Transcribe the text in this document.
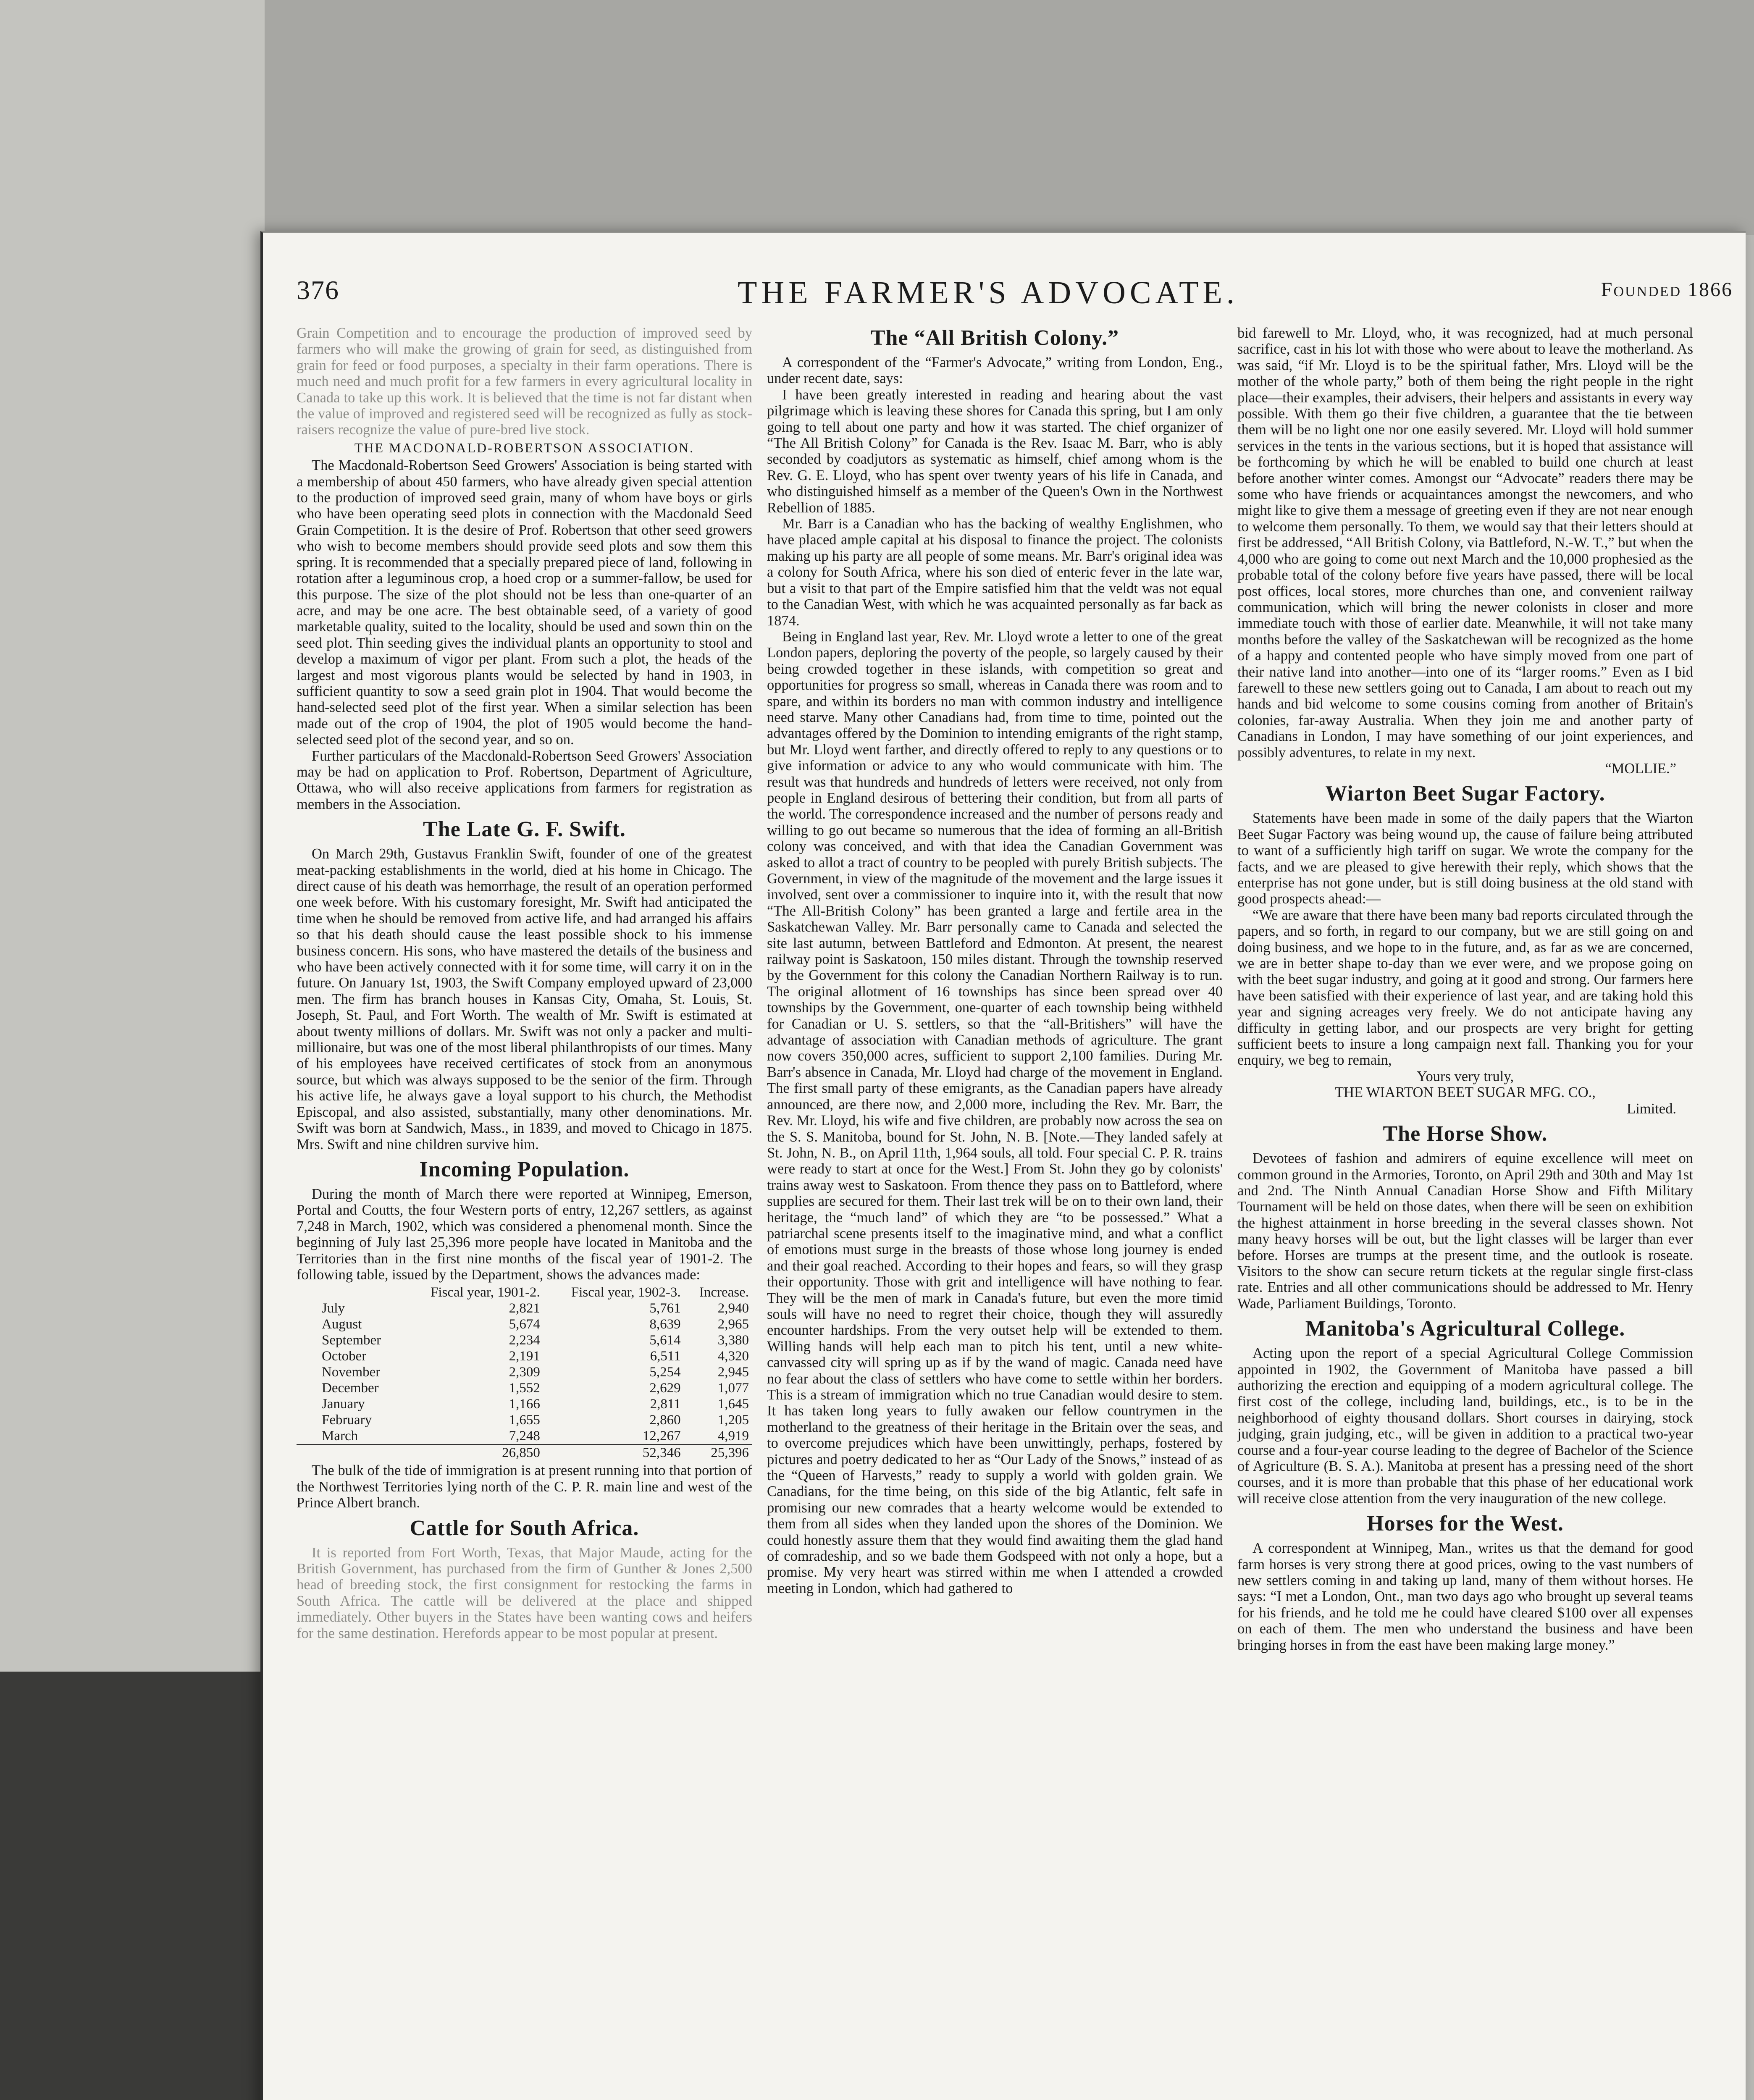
376	THE FARMER'S ADVOCATE.	Founded 1866

Grain Competition and to encourage the production of improved seed by farmers who will make the growing of grain for seed, as distinguished from grain for feed or food purposes, a specialty in their farm operations. There is much need and much profit for a few farmers in every agricultural locality in Canada to take up this work. It is believed that the time is not far distant when the value of improved and registered seed will be recognized as fully as stock-raisers recognize the value of pure-bred live stock.

THE MACDONALD-ROBERTSON ASSOCIATION.

The Macdonald-Robertson Seed Growers' Association is being started with a membership of about 450 farmers, who have already given special attention to the production of improved seed grain, many of whom have boys or girls who have been operating seed plots in connection with the Macdonald Seed Grain Competition. It is the desire of Prof. Robertson that other seed growers who wish to become members should provide seed plots and sow them this spring. It is recommended that a specially prepared piece of land, following in rotation after a leguminous crop, a hoed crop or a summer-fallow, be used for this purpose. The size of the plot should not be less than one-quarter of an acre, and may be one acre. The best obtainable seed, of a variety of good marketable quality, suited to the locality, should be used and sown thin on the seed plot. Thin seeding gives the individual plants an opportunity to stool and develop a maximum of vigor per plant. From such a plot, the heads of the largest and most vigorous plants would be selected by hand in 1903, in sufficient quantity to sow a seed grain plot in 1904. That would become the hand-selected seed plot of the first year. When a similar selection has been made out of the crop of 1904, the plot of 1905 would become the hand-selected seed plot of the second year, and so on.

Further particulars of the Macdonald-Robertson Seed Growers' Association may be had on application to Prof. Robertson, Department of Agriculture, Ottawa, who will also receive applications from farmers for registration as members in the Association.

The Late G. F. Swift.

On March 29th, Gustavus Franklin Swift, founder of one of the greatest meat-packing establishments in the world, died at his home in Chicago. The direct cause of his death was hemorrhage, the result of an operation performed one week before. With his customary foresight, Mr. Swift had anticipated the time when he should be removed from active life, and had arranged his affairs so that his death should cause the least possible shock to his immense business concern. His sons, who have mastered the details of the business and who have been actively connected with it for some time, will carry it on in the future. On January 1st, 1903, the Swift Company employed upward of 23,000 men. The firm has branch houses in Kansas City, Omaha, St. Louis, St. Joseph, St. Paul, and Fort Worth. The wealth of Mr. Swift is estimated at about twenty millions of dollars. Mr. Swift was not only a packer and multi-millionaire, but was one of the most liberal philanthropists of our times. Many of his employees have received certificates of stock from an anonymous source, but which was always supposed to be the senior of the firm. Through his active life, he always gave a loyal support to his church, the Methodist Episcopal, and also assisted, substantially, many other denominations. Mr. Swift was born at Sandwich, Mass., in 1839, and moved to Chicago in 1875. Mrs. Swift and nine children survive him.

Incoming Population.

During the month of March there were reported at Winnipeg, Emerson, Portal and Coutts, the four Western ports of entry, 12,267 settlers, as against 7,248 in March, 1902, which was considered a phenomenal month. Since the beginning of July last 25,396 more people have located in Manitoba and the Territories than in the first nine months of the fiscal year of 1901-2. The following table, issued by the Department, shows the advances made:

	Fiscal year, 1901-2.	Fiscal year, 1902-3.	Increase.
July	2,821	5,761	2,940
August	5,674	8,639	2,965
September	2,234	5,614	3,380
October	2,191	6,511	4,320
November	2,309	5,254	2,945
December	1,552	2,629	1,077
January	1,166	2,811	1,645
February	1,655	2,860	1,205
March	7,248	12,267	4,919
	26,850	52,346	25,396

The bulk of the tide of immigration is at present running into that portion of the Northwest Territories lying north of the C. P. R. main line and west of the Prince Albert branch.

Cattle for South Africa.

It is reported from Fort Worth, Texas, that Major Maude, acting for the British Government, has purchased from the firm of Gunther & Jones 2,500 head of breeding stock, the first consignment for restocking the farms in South Africa. The cattle will be delivered at the place and shipped immediately. Other buyers in the States have been wanting cows and heifers for the same destination. Herefords appear to be most popular at present.

The “All British Colony.”

A correspondent of the “Farmer's Advocate,” writing from London, Eng., under recent date, says:

I have been greatly interested in reading and hearing about the vast pilgrimage which is leaving these shores for Canada this spring, but I am only going to tell about one party and how it was started. The chief organizer of “The All British Colony” for Canada is the Rev. Isaac M. Barr, who is ably seconded by coadjutors as systematic as himself, chief among whom is the Rev. G. E. Lloyd, who has spent over twenty years of his life in Canada, and who distinguished himself as a member of the Queen's Own in the Northwest Rebellion of 1885.

Mr. Barr is a Canadian who has the backing of wealthy Englishmen, who have placed ample capital at his disposal to finance the project. The colonists making up his party are all people of some means. Mr. Barr's original idea was a colony for South Africa, where his son died of enteric fever in the late war, but a visit to that part of the Empire satisfied him that the veldt was not equal to the Canadian West, with which he was acquainted personally as far back as 1874.

Being in England last year, Rev. Mr. Lloyd wrote a letter to one of the great London papers, deploring the poverty of the people, so largely caused by their being crowded together in these islands, with competition so great and opportunities for progress so small, whereas in Canada there was room and to spare, and within its borders no man with common industry and intelligence need starve. Many other Canadians had, from time to time, pointed out the advantages offered by the Dominion to intending emigrants of the right stamp, but Mr. Lloyd went farther, and directly offered to reply to any questions or to give information or advice to any who would communicate with him. The result was that hundreds and hundreds of letters were received, not only from people in England desirous of bettering their condition, but from all parts of the world. The correspondence increased and the number of persons ready and willing to go out became so numerous that the idea of forming an all-British colony was conceived, and with that idea the Canadian Government was asked to allot a tract of country to be peopled with purely British subjects. The Government, in view of the magnitude of the movement and the large issues it involved, sent over a commissioner to inquire into it, with the result that now “The All-British Colony” has been granted a large and fertile area in the Saskatchewan Valley. Mr. Barr personally came to Canada and selected the site last autumn, between Battleford and Edmonton. At present, the nearest railway point is Saskatoon, 150 miles distant. Through the township reserved by the Government for this colony the Canadian Northern Railway is to run. The original allotment of 16 townships has since been spread over 40 townships by the Government, one-quarter of each township being withheld for Canadian or U. S. settlers, so that the “all-Britishers” will have the advantage of association with Canadian methods of agriculture. The grant now covers 350,000 acres, sufficient to support 2,100 families. During Mr. Barr's absence in Canada, Mr. Lloyd had charge of the movement in England. The first small party of these emigrants, as the Canadian papers have already announced, are there now, and 2,000 more, including the Rev. Mr. Barr, the Rev. Mr. Lloyd, his wife and five children, are probably now across the sea on the S. S. Manitoba, bound for St. John, N. B. [Note.—They landed safely at St. John, N. B., on April 11th, 1,964 souls, all told. Four special C. P. R. trains were ready to start at once for the West.] From St. John they go by colonists' trains away west to Saskatoon. From thence they pass on to Battleford, where supplies are secured for them. Their last trek will be on to their own land, their heritage, the “much land” of which they are “to be possessed.” What a patriarchal scene presents itself to the imaginative mind, and what a conflict of emotions must surge in the breasts of those whose long journey is ended and their goal reached. According to their hopes and fears, so will they grasp their opportunity. Those with grit and intelligence will have nothing to fear. They will be the men of mark in Canada's future, but even the more timid souls will have no need to regret their choice, though they will assuredly encounter hardships. From the very outset help will be extended to them. Willing hands will help each man to pitch his tent, until a new white-canvassed city will spring up as if by the wand of magic. Canada need have no fear about the class of settlers who have come to settle within her borders. This is a stream of immigration which no true Canadian would desire to stem. It has taken long years to fully awaken our fellow countrymen in the motherland to the greatness of their heritage in the Britain over the seas, and to overcome prejudices which have been unwittingly, perhaps, fostered by pictures and poetry dedicated to her as “Our Lady of the Snows,” instead of as the “Queen of Harvests,” ready to supply a world with golden grain. We Canadians, for the time being, on this side of the big Atlantic, felt safe in promising our new comrades that a hearty welcome would be extended to them from all sides when they landed upon the shores of the Dominion. We could honestly assure them that they would find awaiting them the glad hand of comradeship, and so we bade them Godspeed with not only a hope, but a promise. My very heart was stirred within me when I attended a crowded meeting in London, which had gathered to

bid farewell to Mr. Lloyd, who, it was recognized, had at much personal sacrifice, cast in his lot with those who were about to leave the motherland. As was said, “if Mr. Lloyd is to be the spiritual father, Mrs. Lloyd will be the mother of the whole party,” both of them being the right people in the right place—their examples, their advisers, their helpers and assistants in every way possible. With them go their five children, a guarantee that the tie between them will be no light one nor one easily severed. Mr. Lloyd will hold summer services in the tents in the various sections, but it is hoped that assistance will be forthcoming by which he will be enabled to build one church at least before another winter comes. Amongst our “Advocate” readers there may be some who have friends or acquaintances amongst the newcomers, and who might like to give them a message of greeting even if they are not near enough to welcome them personally. To them, we would say that their letters should at first be addressed, “All British Colony, via Battleford, N.-W. T.,” but when the 4,000 who are going to come out next March and the 10,000 prophesied as the probable total of the colony before five years have passed, there will be local post offices, local stores, more churches than one, and convenient railway communication, which will bring the newer colonists in closer and more immediate touch with those of earlier date. Meanwhile, it will not take many months before the valley of the Saskatchewan will be recognized as the home of a happy and contented people who have simply moved from one part of their native land into another—into one of its “larger rooms.” Even as I bid farewell to these new settlers going out to Canada, I am about to reach out my hands and bid welcome to some cousins coming from another of Britain's colonies, far-away Australia. When they join me and another party of Canadians in London, I may have something of our joint experiences, and possibly adventures, to relate in my next.

“MOLLIE.”
Wiarton Beet Sugar Factory.

Statements have been made in some of the daily papers that the Wiarton Beet Sugar Factory was being wound up, the cause of failure being attributed to want of a sufficiently high tariff on sugar. We wrote the company for the facts, and we are pleased to give herewith their reply, which shows that the enterprise has not gone under, but is still doing business at the old stand with good prospects ahead:—

“We are aware that there have been many bad reports circulated through the papers, and so forth, in regard to our company, but we are still going on and doing business, and we hope to in the future, and, as far as we are concerned, we are in better shape to-day than we ever were, and we propose going on with the beet sugar industry, and going at it good and strong. Our farmers here have been satisfied with their experience of last year, and are taking hold this year and signing acreages very freely. We do not anticipate having any difficulty in getting labor, and our prospects are very bright for getting sufficient beets to insure a long campaign next fall. Thanking you for your enquiry, we beg to remain,

Yours very truly,
THE WIARTON BEET SUGAR MFG. CO.,
Limited.
The Horse Show.

Devotees of fashion and admirers of equine excellence will meet on common ground in the Armories, Toronto, on April 29th and 30th and May 1st and 2nd. The Ninth Annual Canadian Horse Show and Fifth Military Tournament will be held on those dates, when there will be seen on exhibition the highest attainment in horse breeding in the several classes shown. Not many heavy horses will be out, but the light classes will be larger than ever before. Horses are trumps at the present time, and the outlook is roseate. Visitors to the show can secure return tickets at the regular single first-class rate. Entries and all other communications should be addressed to Mr. Henry Wade, Parliament Buildings, Toronto.

Manitoba's Agricultural College.

Acting upon the report of a special Agricultural College Commission appointed in 1902, the Government of Manitoba have passed a bill authorizing the erection and equipping of a modern agricultural college. The first cost of the college, including land, buildings, etc., is to be in the neighborhood of eighty thousand dollars. Short courses in dairying, stock judging, grain judging, etc., will be given in addition to a practical two-year course and a four-year course leading to the degree of Bachelor of the Science of Agriculture (B. S. A.). Manitoba at present has a pressing need of the short courses, and it is more than probable that this phase of her educational work will receive close attention from the very inauguration of the new college.

Horses for the West.

A correspondent at Winnipeg, Man., writes us that the demand for good farm horses is very strong there at good prices, owing to the vast numbers of new settlers coming in and taking up land, many of them without horses. He says: “I met a London, Ont., man two days ago who brought up several teams for his friends, and he told me he could have cleared $100 over all expenses on each of them. The men who understand the business and have been bringing horses in from the east have been making large money.”
